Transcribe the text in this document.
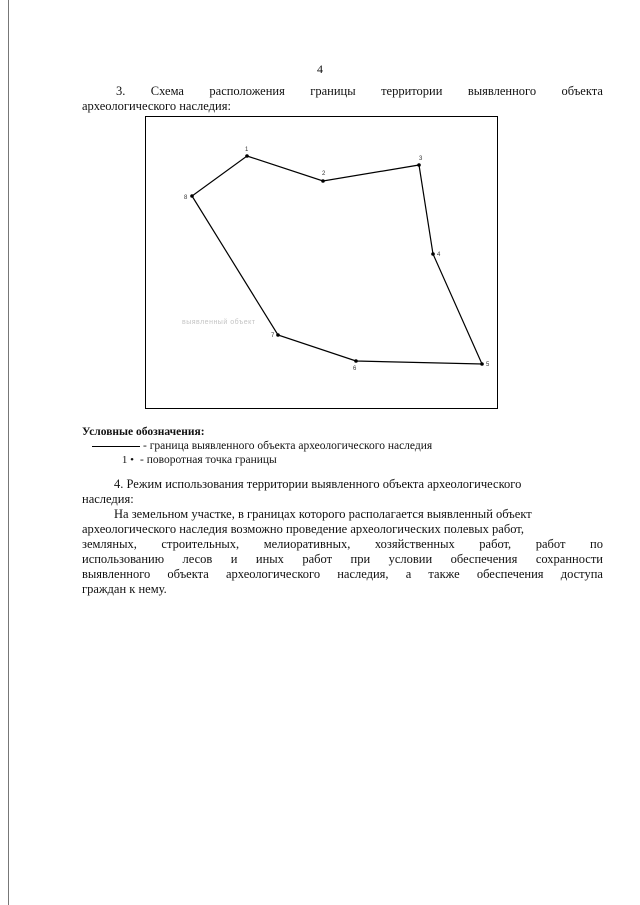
4
3. Схема расположения границы территории выявленного объекта
археологического наследия:
1
2
3
4
5
6
7
8
выявленный объект
Условные обозначения:
- граница выявленного объекта археологического наследия
1 • - поворотная точка границы
4. Режим использования территории выявленного объекта археологического
наследия:
На земельном участке, в границах которого располагается выявленный объект
археологического наследия возможно проведение археологических полевых работ,
земляных, строительных, мелиоративных, хозяйственных работ, работ по
использованию лесов и иных работ при условии обеспечения сохранности
выявленного объекта археологического наследия, а также обеспечения доступа
граждан к нему.
